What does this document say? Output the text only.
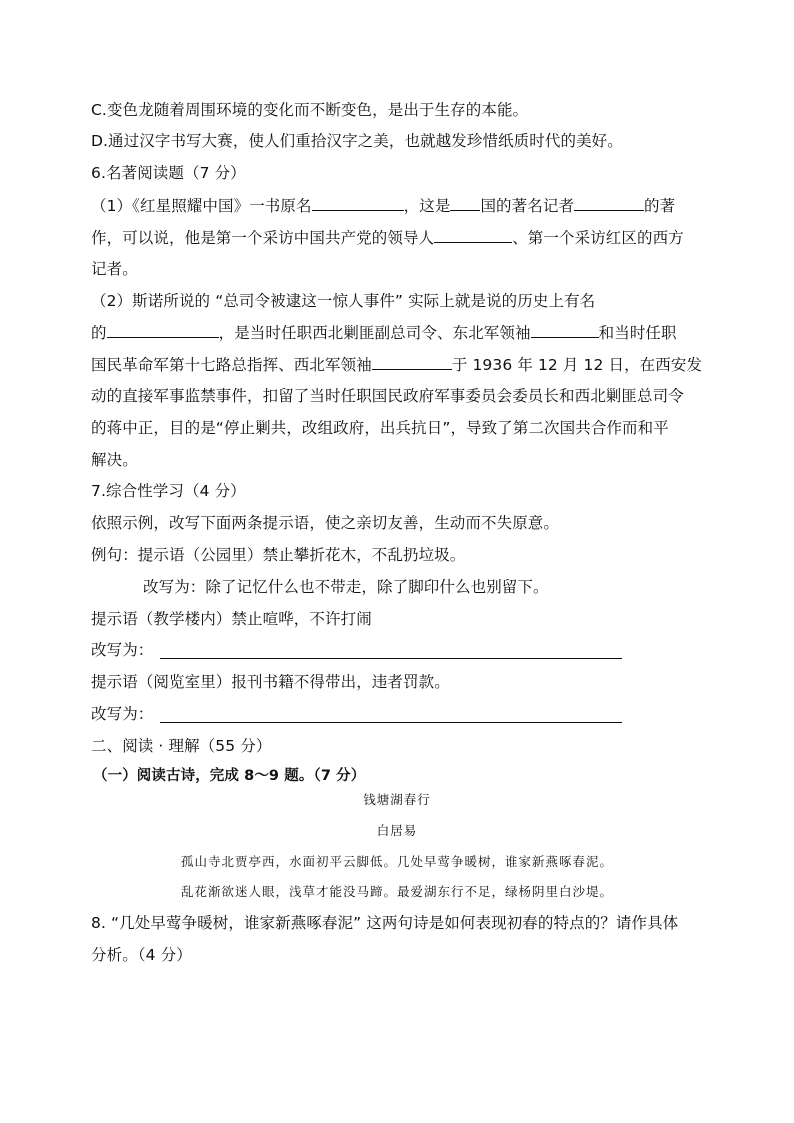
C.变色龙随着周围环境的变化而不断变色，是出于生存的本能。
D.通过汉字书写大赛，使人们重拾汉字之美，也就越发珍惜纸质时代的美好。
6.名著阅读题（7 分）
（1）《红星照耀中国》一书原名	，这是 国的著名记者	的著
作，可以说，他是第一个采访中国共产党的领导人	、第一个采访红区的西方
记者。
（2）斯诺所说的 “总司令被逮这一惊人事件” 实际上就是说的历史上有名
的	，是当时任职西北剿匪副总司令、东北军领袖	和当时任职
国民革命军第十七路总指挥、西北军领袖	于 1936 年 12 月 12 日，在西安发
动的直接军事监禁事件，扣留了当时任职国民政府军事委员会委员长和西北剿匪总司令
的蒋中正，目的是“停止剿共，改组政府，出兵抗日”，导致了第二次国共合作而和平
解决。
7.综合性学习（4 分）
依照示例，改写下面两条提示语，使之亲切友善，生动而不失原意。
例句：提示语（公园里）禁止攀折花木，不乱扔垃圾。
改写为：除了记忆什么也不带走，除了脚印什么也别留下。
提示语（教学楼内）禁止喧哗，不许打闹
改写为：
提示语（阅览室里）报刊书籍不得带出，违者罚款。
改写为：
二、阅读 · 理解（55 分）
（一）阅读古诗，完成 8～9 题。（7 分）
钱塘湖春行
白居易
孤山寺北贾亭西，水面初平云脚低。几处早莺争暖树，谁家新燕啄春泥。
乱花渐欲迷人眼，浅草才能没马蹄。最爱湖东行不足，绿杨阴里白沙堤。
8. “几处早莺争暖树，谁家新燕啄春泥” 这两句诗是如何表现初春的特点的？请作具体
分析。（4 分）
